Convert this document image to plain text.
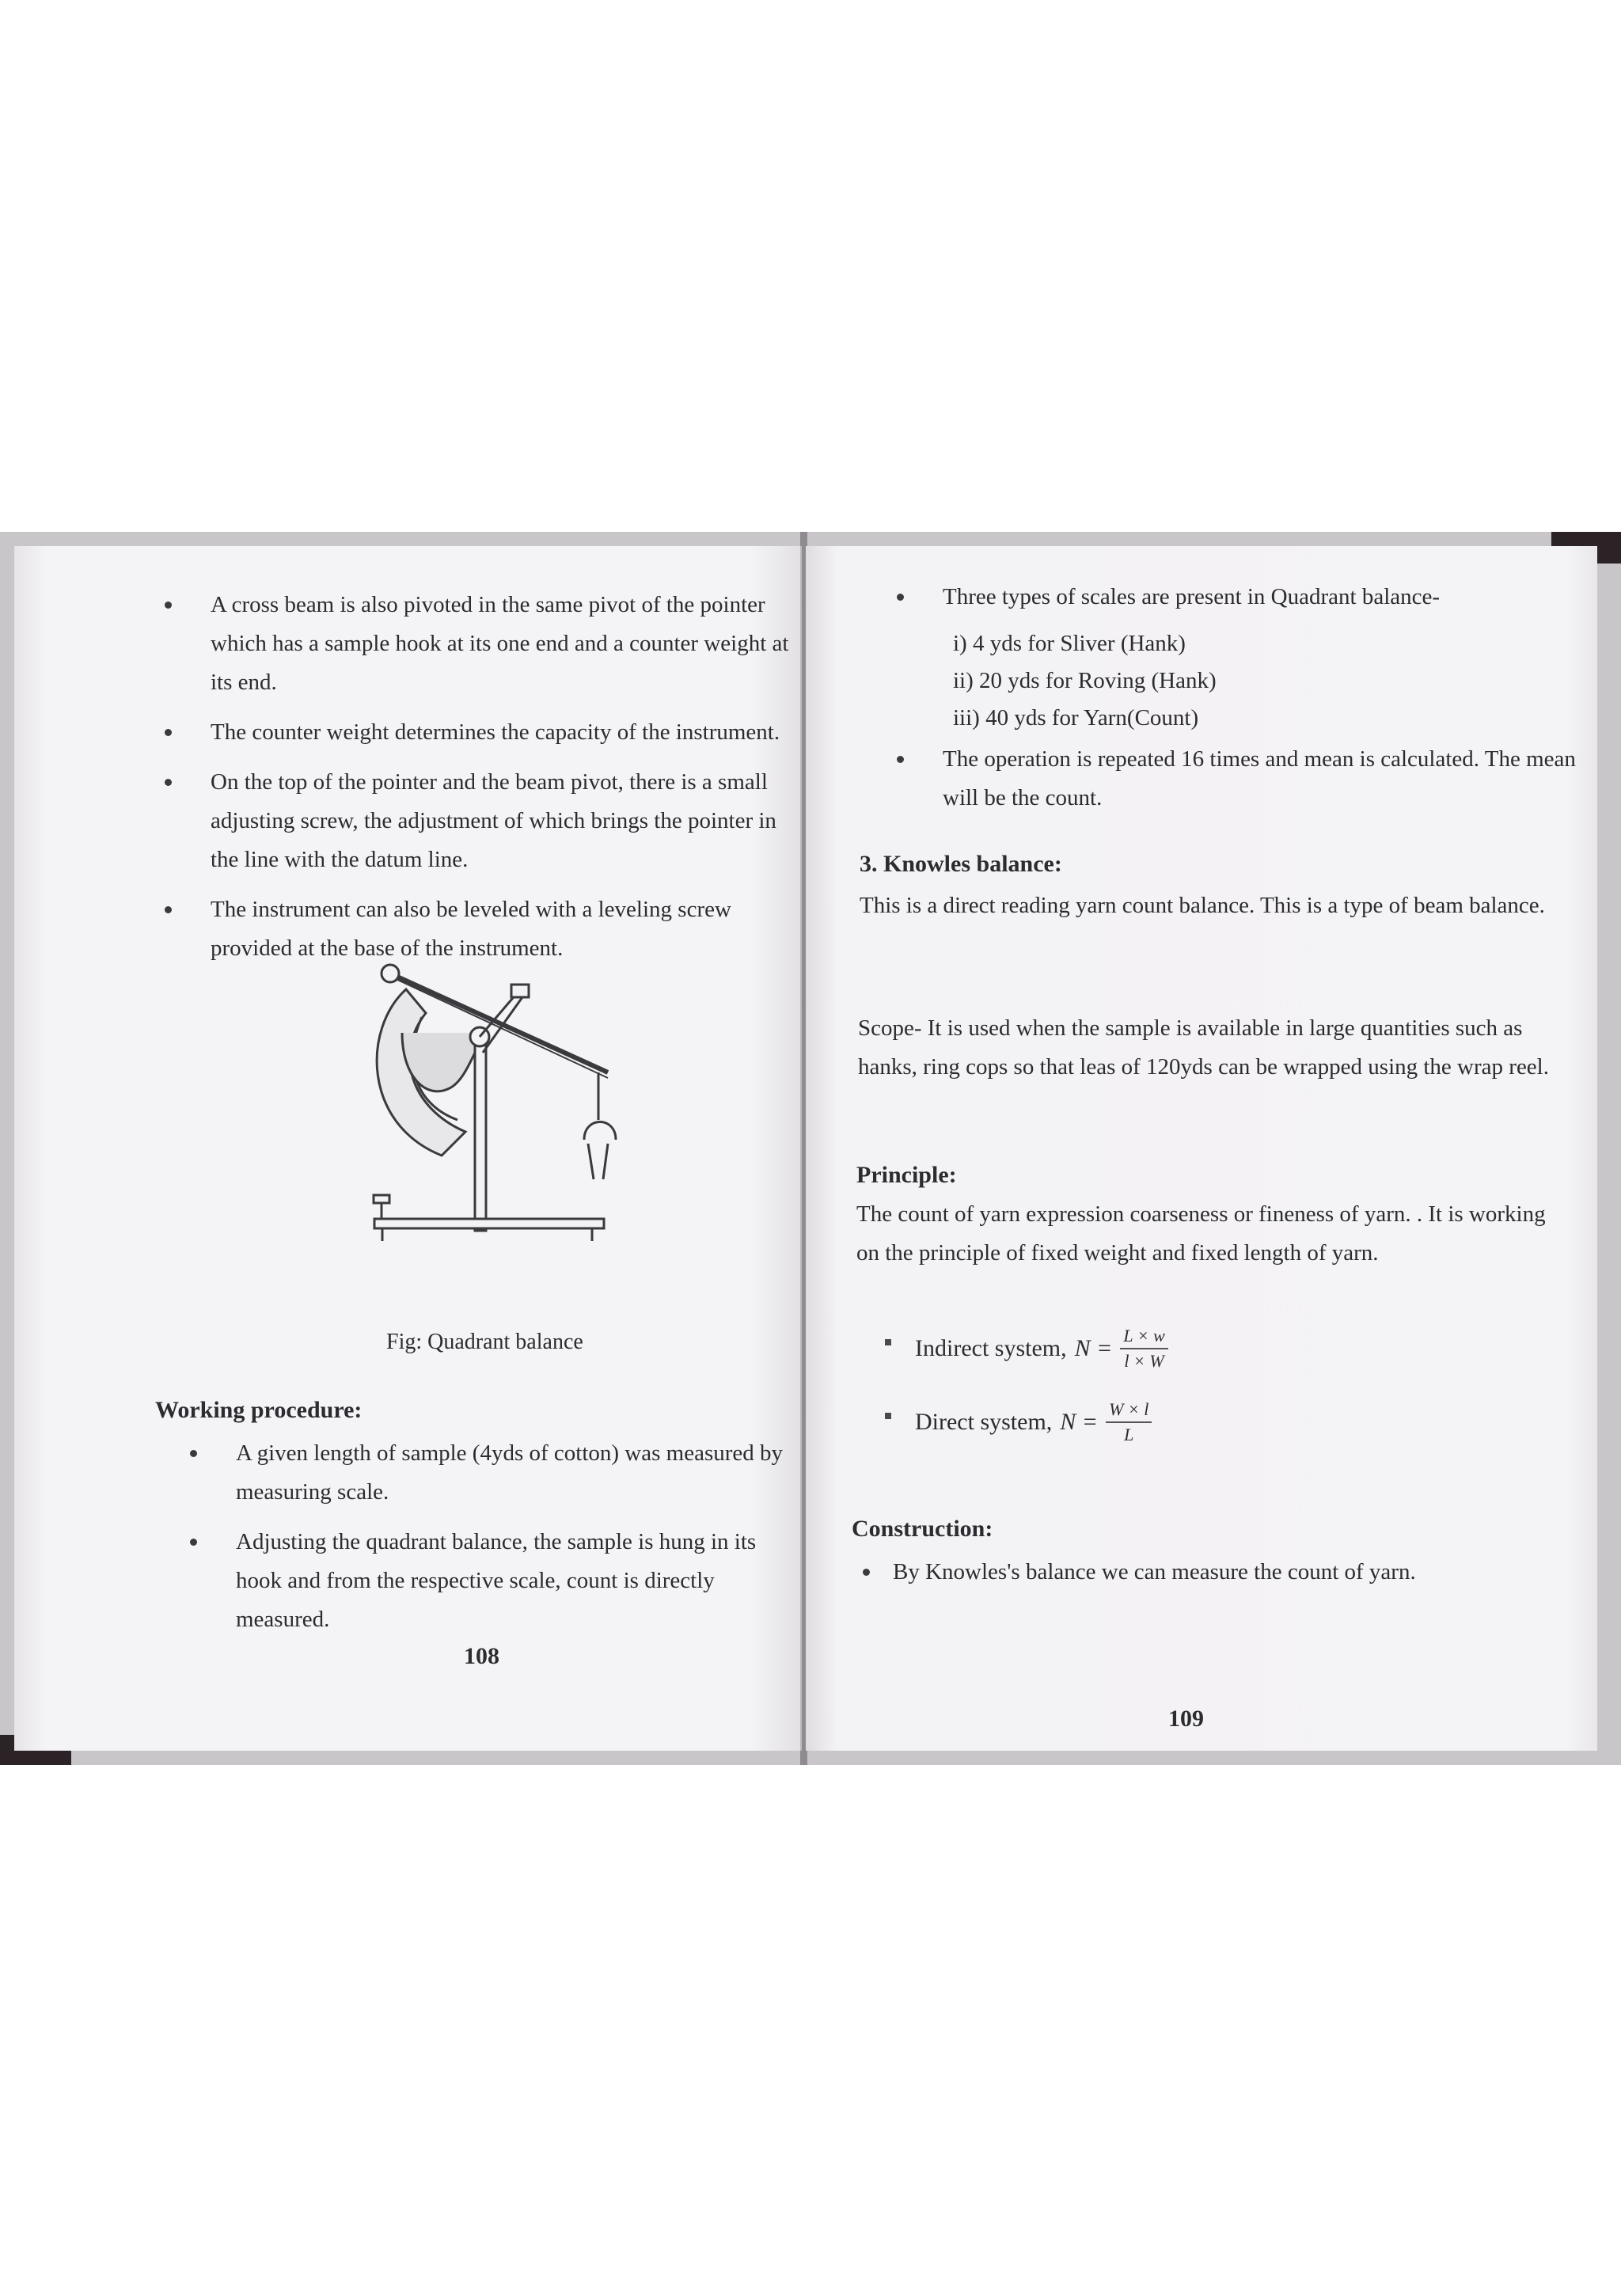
A cross beam is also pivoted in the same pivot of the pointer which has a sample hook at its one end and a counter weight at its end.
The counter weight determines the capacity of the instrument.
On the top of the pointer and the beam pivot, there is a small adjusting screw, the adjustment of which brings the pointer in the line with the datum line.
The instrument can also be leveled with a leveling screw provided at the base of the instrument.
Fig: Quadrant balance
Working procedure:
A given length of sample (4yds of cotton) was measured by measuring scale.
Adjusting the quadrant balance, the sample is hung in its hook and from the respective scale, count is directly measured.
108
Three types of scales are present in Quadrant balance-
i) 4 yds for Sliver (Hank)
ii) 20 yds for Roving (Hank)
iii) 40 yds for Yarn(Count)
The operation is repeated 16 times and mean is calculated. The mean will be the count.
3. Knowles balance:
This is a direct reading yarn count balance. This is a type of beam balance.
Scope- It is used when the sample is available in large quantities such as hanks, ring cops so that leas of 120yds can be wrapped using the wrap reel.
Principle:
The count of yarn expression coarseness or fineness of yarn. . It is working on the principle of fixed weight and fixed length of yarn.
Indirect system, $N = \frac{L \times w}{l \times W}$
Direct system, $N = \frac{W \times l}{L}$
Construction:
By Knowles's balance we can measure the count of yarn.
109
